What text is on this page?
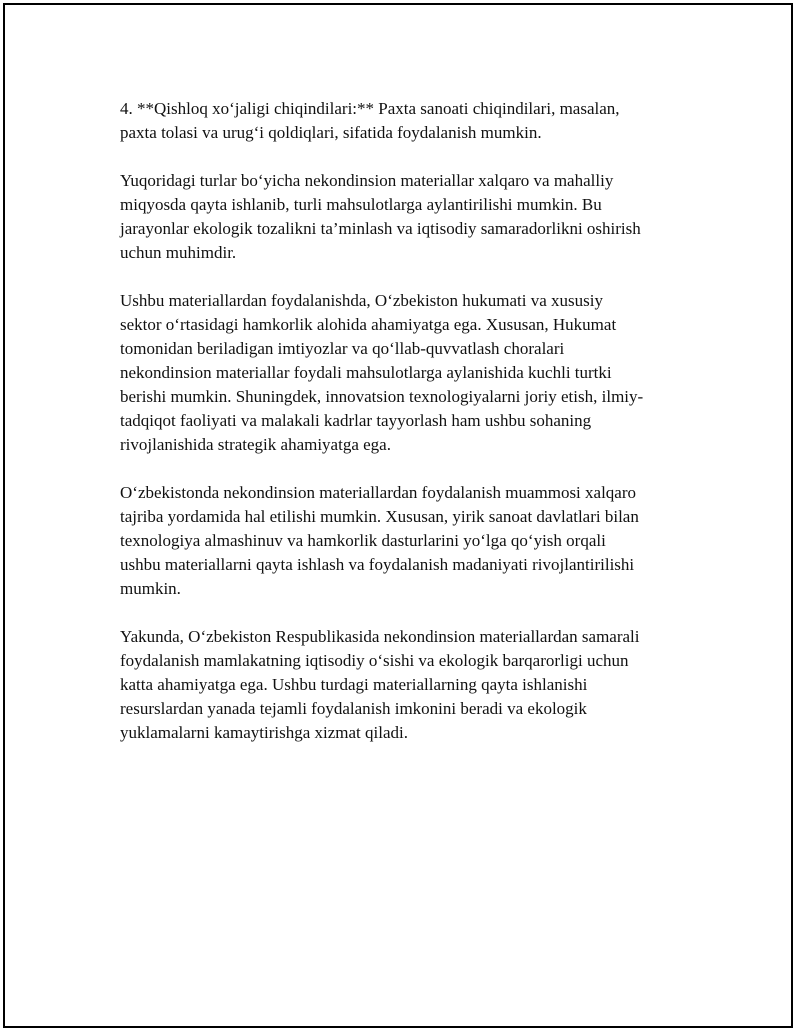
4. **Qishloq xo‘jaligi chiqindilari:** Paxta sanoati chiqindilari, masalan,
paxta tolasi va urug‘i qoldiqlari, sifatida foydalanish mumkin.

Yuqoridagi turlar bo‘yicha nekondinsion materiallar xalqaro va mahalliy
miqyosda qayta ishlanib, turli mahsulotlarga aylantirilishi mumkin. Bu
jarayonlar ekologik tozalikni ta’minlash va iqtisodiy samaradorlikni oshirish
uchun muhimdir.

Ushbu materiallardan foydalanishda, O‘zbekiston hukumati va xususiy
sektor o‘rtasidagi hamkorlik alohida ahamiyatga ega. Xususan, Hukumat
tomonidan beriladigan imtiyozlar va qo‘llab-quvvatlash choralari
nekondinsion materiallar foydali mahsulotlarga aylanishida kuchli turtki
berishi mumkin. Shuningdek, innovatsion texnologiyalarni joriy etish, ilmiy-
tadqiqot faoliyati va malakali kadrlar tayyorlash ham ushbu sohaning
rivojlanishida strategik ahamiyatga ega.

O‘zbekistonda nekondinsion materiallardan foydalanish muammosi xalqaro
tajriba yordamida hal etilishi mumkin. Xususan, yirik sanoat davlatlari bilan
texnologiya almashinuv va hamkorlik dasturlarini yo‘lga qo‘yish orqali
ushbu materiallarni qayta ishlash va foydalanish madaniyati rivojlantirilishi
mumkin.

Yakunda, O‘zbekiston Respublikasida nekondinsion materiallardan samarali
foydalanish mamlakatning iqtisodiy o‘sishi va ekologik barqarorligi uchun
katta ahamiyatga ega. Ushbu turdagi materiallarning qayta ishlanishi
resurslardan yanada tejamli foydalanish imkonini beradi va ekologik
yuklamalarni kamaytirishga xizmat qiladi.
